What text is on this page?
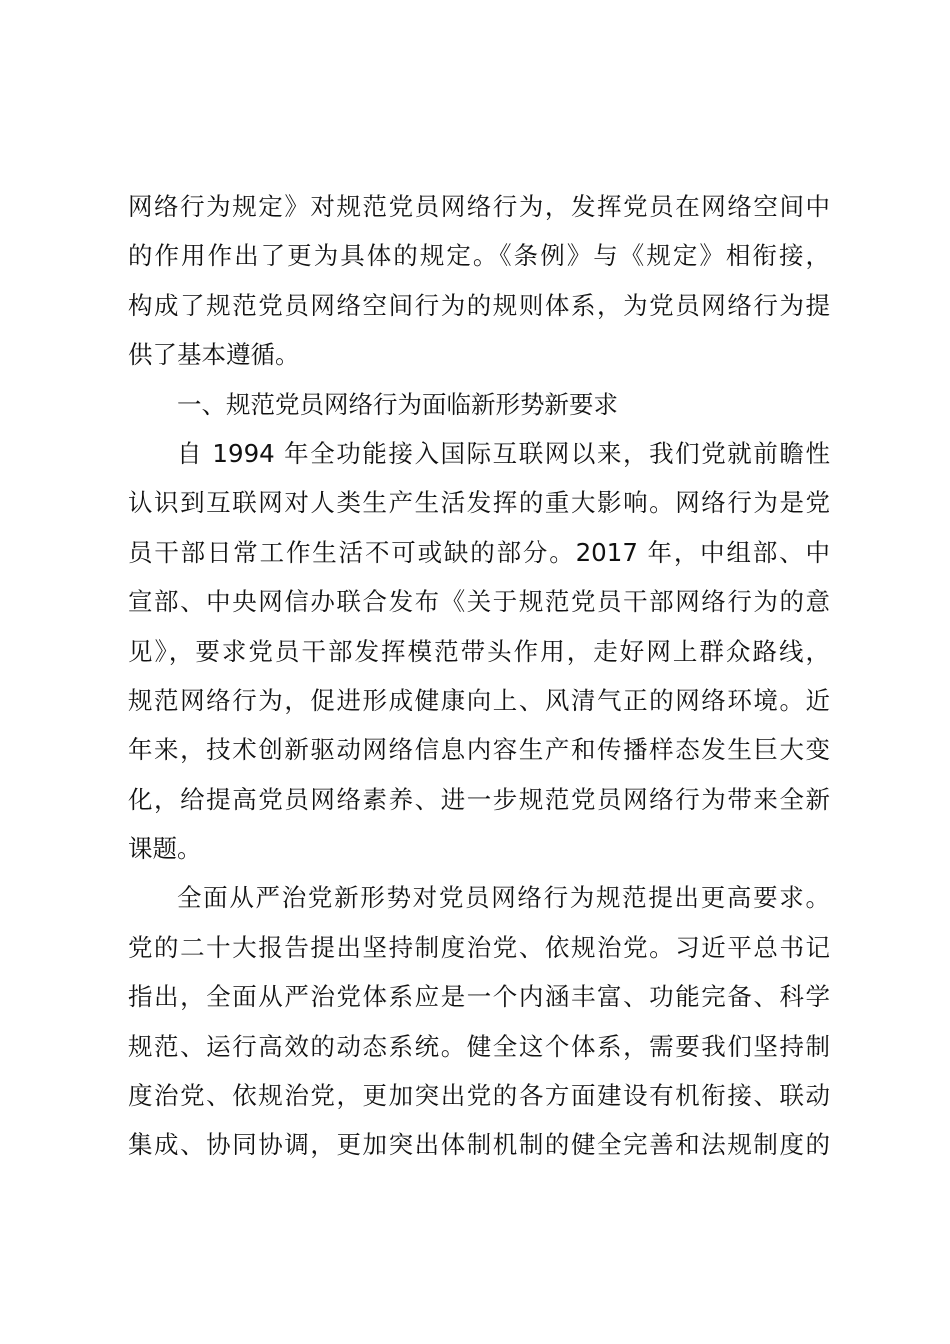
网络行为规定》对规范党员网络行为，发挥党员在网络空间中
的作用作出了更为具体的规定。《条例》与《规定》相衔接，
构成了规范党员网络空间行为的规则体系，为党员网络行为提
供了基本遵循。
一、规范党员网络行为面临新形势新要求
自 1994 年全功能接入国际互联网以来，我们党就前瞻性
认识到互联网对人类生产生活发挥的重大影响。网络行为是党
员干部日常工作生活不可或缺的部分。2017 年，中组部、中
宣部、中央网信办联合发布《关于规范党员干部网络行为的意
见》，要求党员干部发挥模范带头作用，走好网上群众路线，
规范网络行为，促进形成健康向上、风清气正的网络环境。近
年来，技术创新驱动网络信息内容生产和传播样态发生巨大变
化，给提高党员网络素养、进一步规范党员网络行为带来全新
课题。
全面从严治党新形势对党员网络行为规范提出更高要求。
党的二十大报告提出坚持制度治党、依规治党。习近平总书记
指出，全面从严治党体系应是一个内涵丰富、功能完备、科学
规范、运行高效的动态系统。健全这个体系，需要我们坚持制
度治党、依规治党，更加突出党的各方面建设有机衔接、联动
集成、协同协调，更加突出体制机制的健全完善和法规制度的
